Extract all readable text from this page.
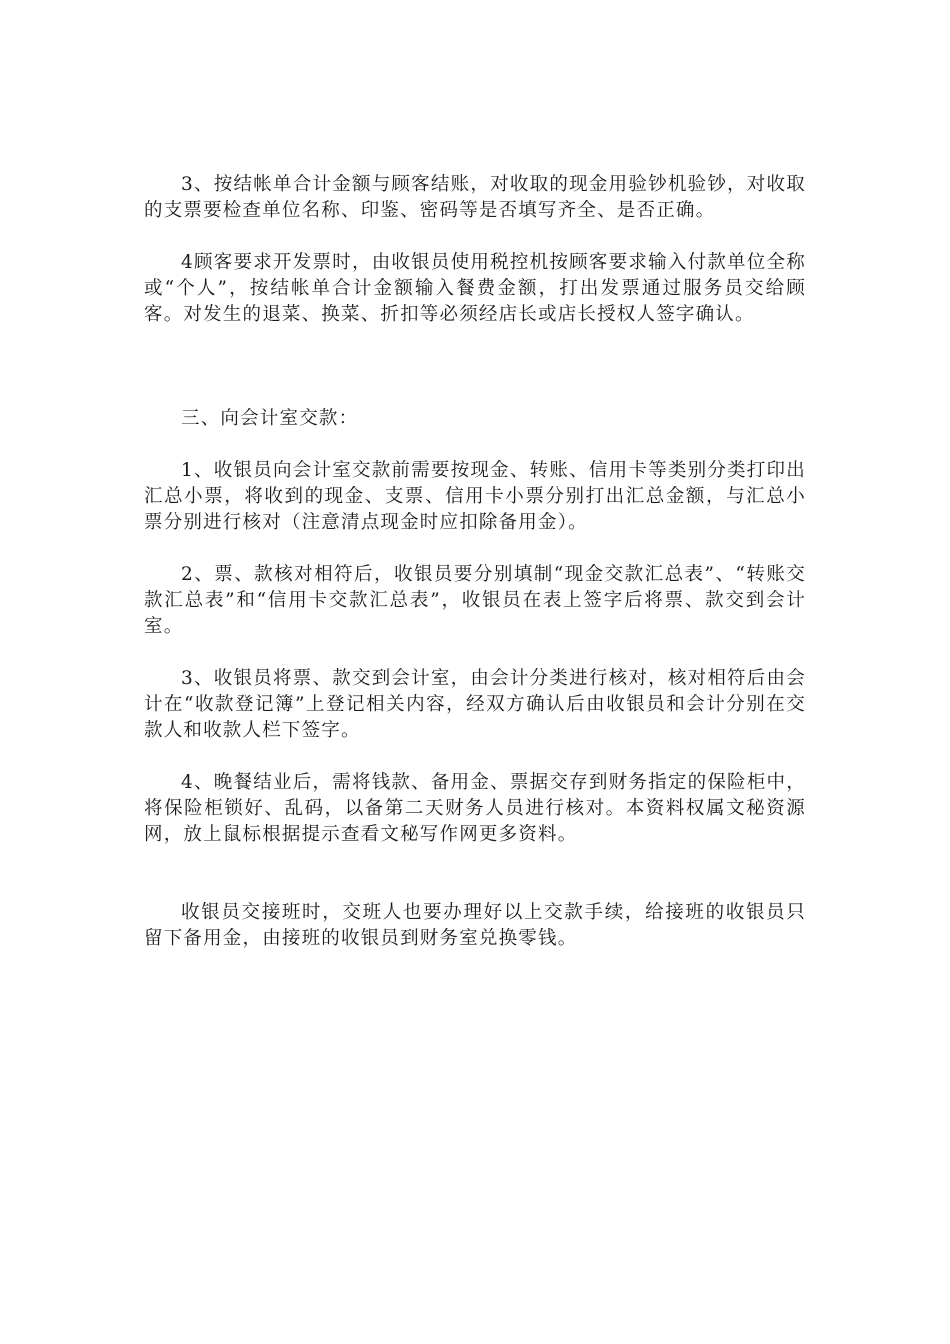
3、按结帐单合计金额与顾客结账，对收取的现金用验钞机验钞，对收取的支票要检查单位名称、印鉴、密码等是否填写齐全、是否正确。

4顾客要求开发票时，由收银员使用税控机按顾客要求输入付款单位全称或“个人”，按结帐单合计金额输入餐费金额，打出发票通过服务员交给顾客。对发生的退菜、换菜、折扣等必须经店长或店长授权人签字确认。

三、向会计室交款：

1、收银员向会计室交款前需要按现金、转账、信用卡等类别分类打印出汇总小票，将收到的现金、支票、信用卡小票分别打出汇总金额，与汇总小票分别进行核对（注意清点现金时应扣除备用金）。

2、票、款核对相符后，收银员要分别填制“现金交款汇总表”、“转账交款汇总表”和“信用卡交款汇总表”，收银员在表上签字后将票、款交到会计室。

3、收银员将票、款交到会计室，由会计分类进行核对，核对相符后由会计在“收款登记簿”上登记相关内容，经双方确认后由收银员和会计分别在交款人和收款人栏下签字。

4、晚餐结业后，需将钱款、备用金、票据交存到财务指定的保险柜中，将保险柜锁好、乱码，以备第二天财务人员进行核对。本资料权属文秘资源网，放上鼠标根据提示查看文秘写作网更多资料。

收银员交接班时，交班人也要办理好以上交款手续，给接班的收银员只留下备用金，由接班的收银员到财务室兑换零钱。
